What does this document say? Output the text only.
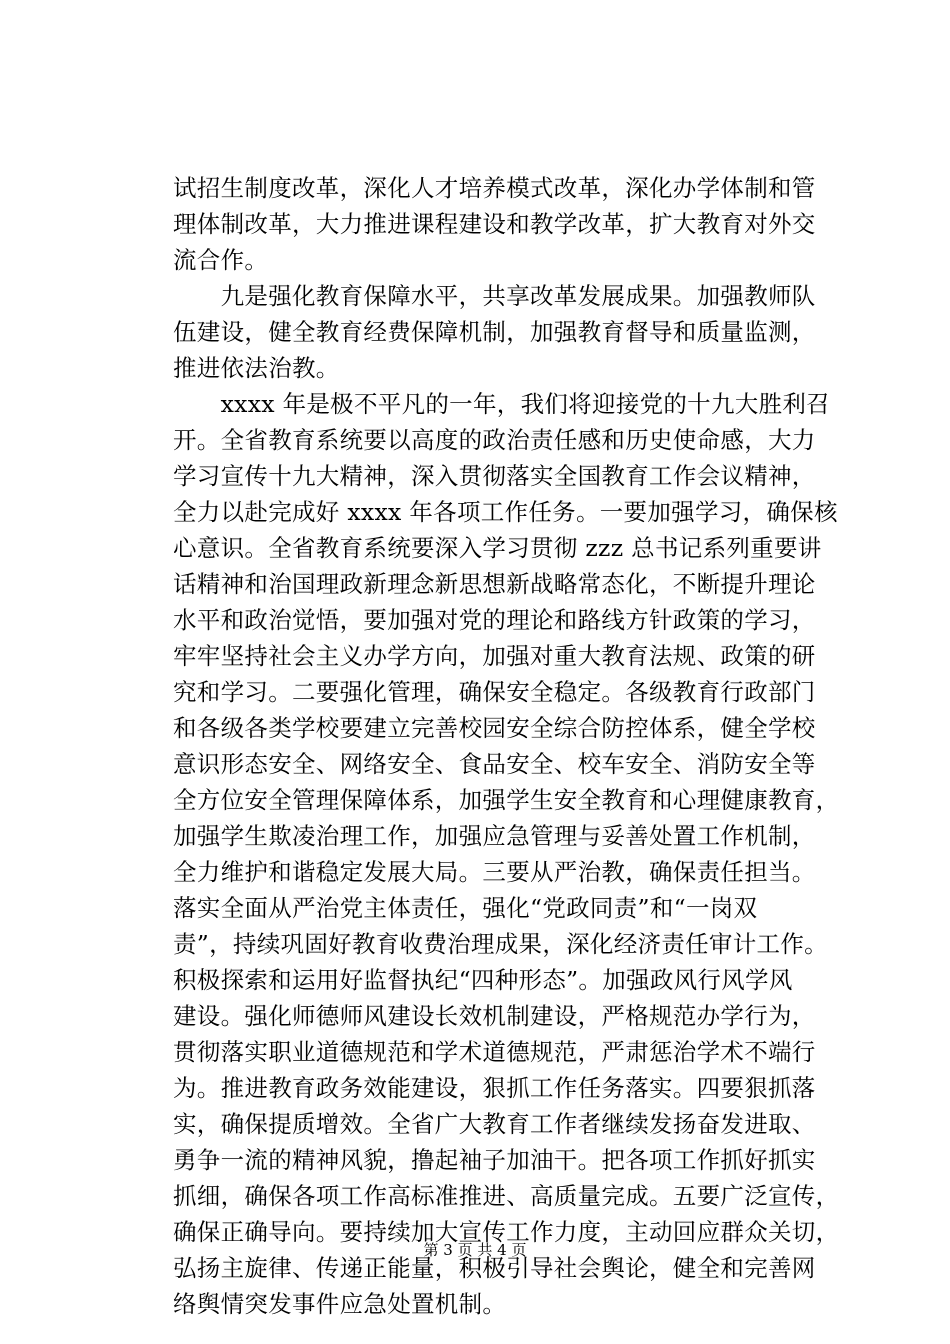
试招生制度改革，深化人才培养模式改革，深化办学体制和管
理体制改革，大力推进课程建设和教学改革，扩大教育对外交
流合作。
　　九是强化教育保障水平，共享改革发展成果。加强教师队
伍建设，健全教育经费保障机制，加强教育督导和质量监测，
推进依法治教。
　　xxxx 年是极不平凡的一年，我们将迎接党的十九大胜利召
开。全省教育系统要以高度的政治责任感和历史使命感，大力
学习宣传十九大精神，深入贯彻落实全国教育工作会议精神，
全力以赴完成好 xxxx 年各项工作任务。一要加强学习，确保核
心意识。全省教育系统要深入学习贯彻 zzz 总书记系列重要讲
话精神和治国理政新理念新思想新战略常态化，不断提升理论
水平和政治觉悟，要加强对党的理论和路线方针政策的学习，
牢牢坚持社会主义办学方向，加强对重大教育法规、政策的研
究和学习。二要强化管理，确保安全稳定。各级教育行政部门
和各级各类学校要建立完善校园安全综合防控体系，健全学校
意识形态安全、网络安全、食品安全、校车安全、消防安全等
全方位安全管理保障体系，加强学生安全教育和心理健康教育，
加强学生欺凌治理工作，加强应急管理与妥善处置工作机制，
全力维护和谐稳定发展大局。三要从严治教，确保责任担当。
落实全面从严治党主体责任，强化“党政同责”和“一岗双
责”，持续巩固好教育收费治理成果，深化经济责任审计工作。
积极探索和运用好监督执纪“四种形态”。加强政风行风学风
建设。强化师德师风建设长效机制建设，严格规范办学行为，
贯彻落实职业道德规范和学术道德规范，严肃惩治学术不端行
为。推进教育政务效能建设，狠抓工作任务落实。四要狠抓落
实，确保提质增效。全省广大教育工作者继续发扬奋发进取、
勇争一流的精神风貌，撸起袖子加油干。把各项工作抓好抓实
抓细，确保各项工作高标准推进、高质量完成。五要广泛宣传，
确保正确导向。要持续加大宣传工作力度，主动回应群众关切，
弘扬主旋律、传递正能量，积极引导社会舆论，健全和完善网
络舆情突发事件应急处置机制。
第 3 页 共 4 页
